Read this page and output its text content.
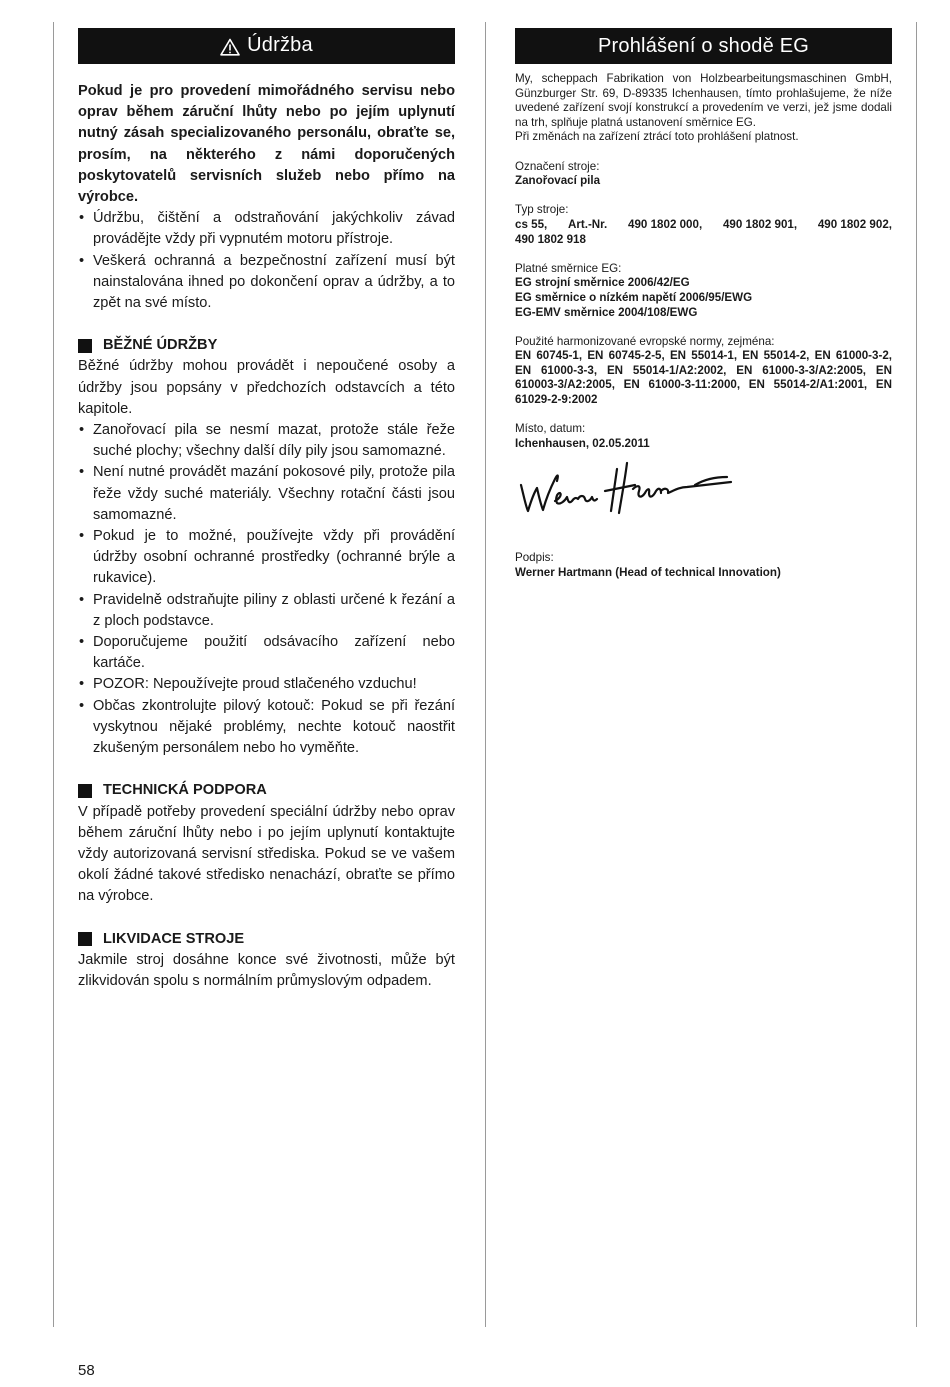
Údržba

Pokud je pro provedení mimořádného servisu nebo oprav během záruční lhůty nebo po jejím uplynutí nutný zásah specializovaného personálu, obraťte se, prosím, na některého z námi doporučených poskytovatelů servisních služeb nebo přímo na výrobce.

• Údržbu, čištění a odstraňování jakýchkoliv závad provádějte vždy při vypnutém motoru přístroje.
• Veškerá ochranná a bezpečnostní zařízení musí být nainstalována ihned po dokončení oprav a údržby, a to zpět na své místo.
BĚŽNÉ ÚDRŽBY

Běžné údržby mohou provádět i nepoučené osoby a údržby jsou popsány v předchozích odstavcích a této kapitole.

• Zanořovací pila se nesmí mazat, protože stále řeže suché plochy; všechny další díly pily jsou samomazné.
• Není nutné provádět mazání pokosové pily, protože pila řeže vždy suché materiály. Všechny rotační části jsou samomazné.
• Pokud je to možné, používejte vždy při provádění údržby osobní ochranné prostředky (ochranné brýle a rukavice).
• Pravidelně odstraňujte piliny z oblasti určené k řezání a z ploch podstavce.
• Doporučujeme použití odsávacího zařízení nebo kartáče.
• POZOR: Nepoužívejte proud stlačeného vzduchu!
• Občas zkontrolujte pilový kotouč: Pokud se při řezání vyskytnou nějaké problémy, nechte kotouč naostřit zkušeným personálem nebo ho vyměňte.
TECHNICKÁ PODPORA

V případě potřeby provedení speciální údržby nebo oprav během záruční lhůty nebo i po jejím uplynutí kontaktujte vždy autorizovaná servisní střediska. Pokud se ve vašem okolí žádné takové středisko nenachází, obraťte se přímo na výrobce.

LIKVIDACE STROJE

Jakmile stroj dosáhne konce své životnosti, může být zlikvidován spolu s normálním průmyslovým odpadem.

Prohlášení o shodě EG

My, scheppach Fabrikation von Holzbearbeitungsmaschinen GmbH, Günzburger Str. 69, D-89335 Ichenhausen, tímto prohlašujeme, že níže uvedené zařízení svojí konstrukcí a provedením ve verzi, jež jsme dodali na trh, splňuje platná ustanovení směrnice EG.

Při změnách na zařízení ztrácí toto prohlášení platnost.

Označení stroje:

Zanořovací pila

Typ stroje:

cs 55, Art.-Nr. 490 1802 000, 490 1802 901, 490 1802 902,

490 1802 918

Platné směrnice EG:

EG strojní směrnice 2006/42/EG

EG směrnice o nízkém napětí 2006/95/EWG

EG-EMV směrnice 2004/108/EWG

Použité harmonizované evropské normy, zejména:

EN 60745-1, EN 60745-2-5, EN 55014-1, EN 55014-2, EN 61000-3-2, EN 61000-3-3, EN 55014-1/A2:2002, EN 61000-3-3/A2:2005, EN 610003-3/A2:2005, EN 61000-3-11:2000, EN 55014-2/A1:2001, EN 61029-2-9:2002

Místo, datum:

Ichenhausen, 02.05.2011

Podpis:

Werner Hartmann (Head of technical Innovation)

58
